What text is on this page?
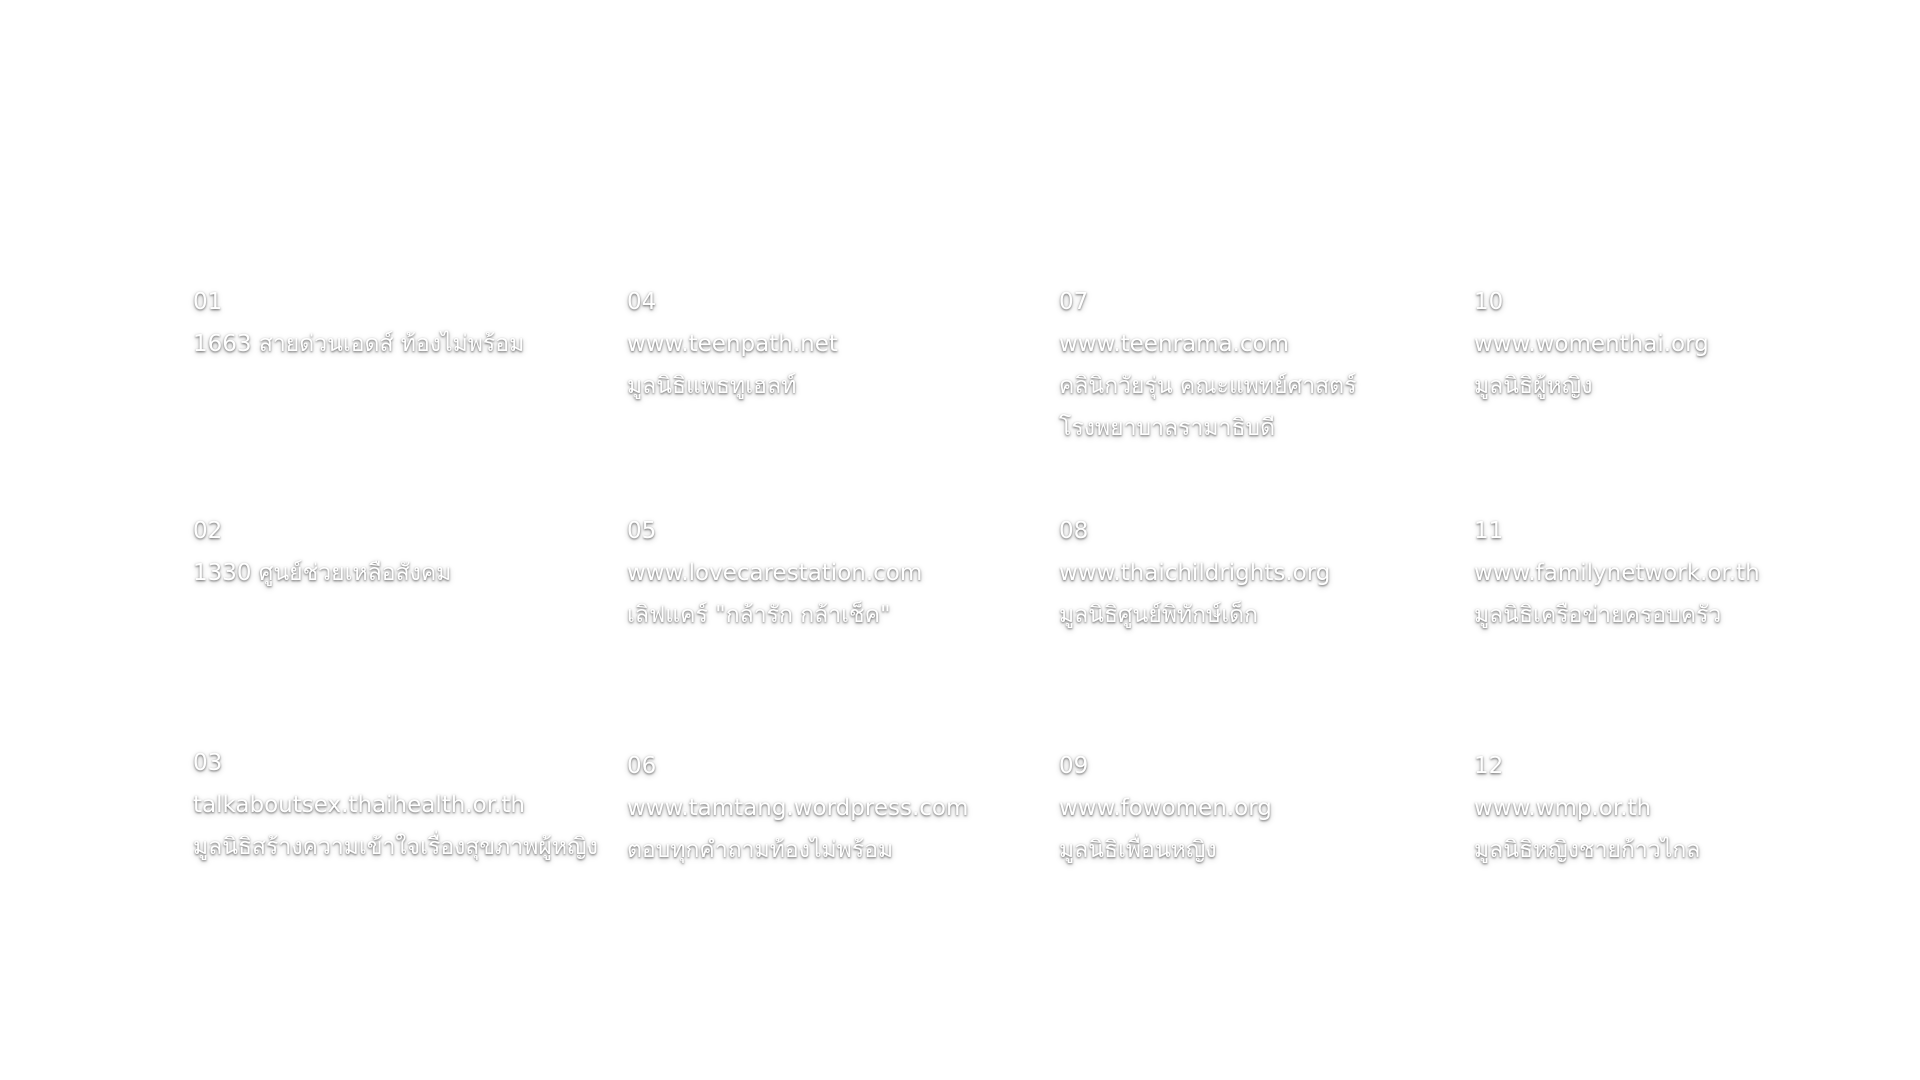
01
1663 สายด่วนเอดส์ ท้องไม่พร้อม
02
1330 ศูนย์ช่วยเหลือสังคม
03
talkaboutsex.thaihealth.or.th
มูลนิธิสร้างความเข้าใจเรื่องสุขภาพผู้หญิง
04
www.teenpath.net
มูลนิธิแพธทูเฮลท์
05
www.lovecarestation.com
เลิฟแคร์ "กล้ารัก กล้าเช็ค"
06
www.tamtang.wordpress.com
ตอบทุกคำถามท้องไม่พร้อม
07
www.teenrama.com
คลินิกวัยรุ่น คณะแพทย์ศาสตร์
โรงพยาบาลรามาธิบดี
08
www.thaichildrights.org
มูลนิธิศูนย์พิทักษ์เด็ก
09
www.fowomen.org
มูลนิธิเพื่อนหญิง
10
www.womenthai.org
มูลนิธิผู้หญิง
11
www.familynetwork.or.th
มูลนิธิเครือข่ายครอบครัว
12
www.wmp.or.th
มูลนิธิหญิงชายก้าวไกล
